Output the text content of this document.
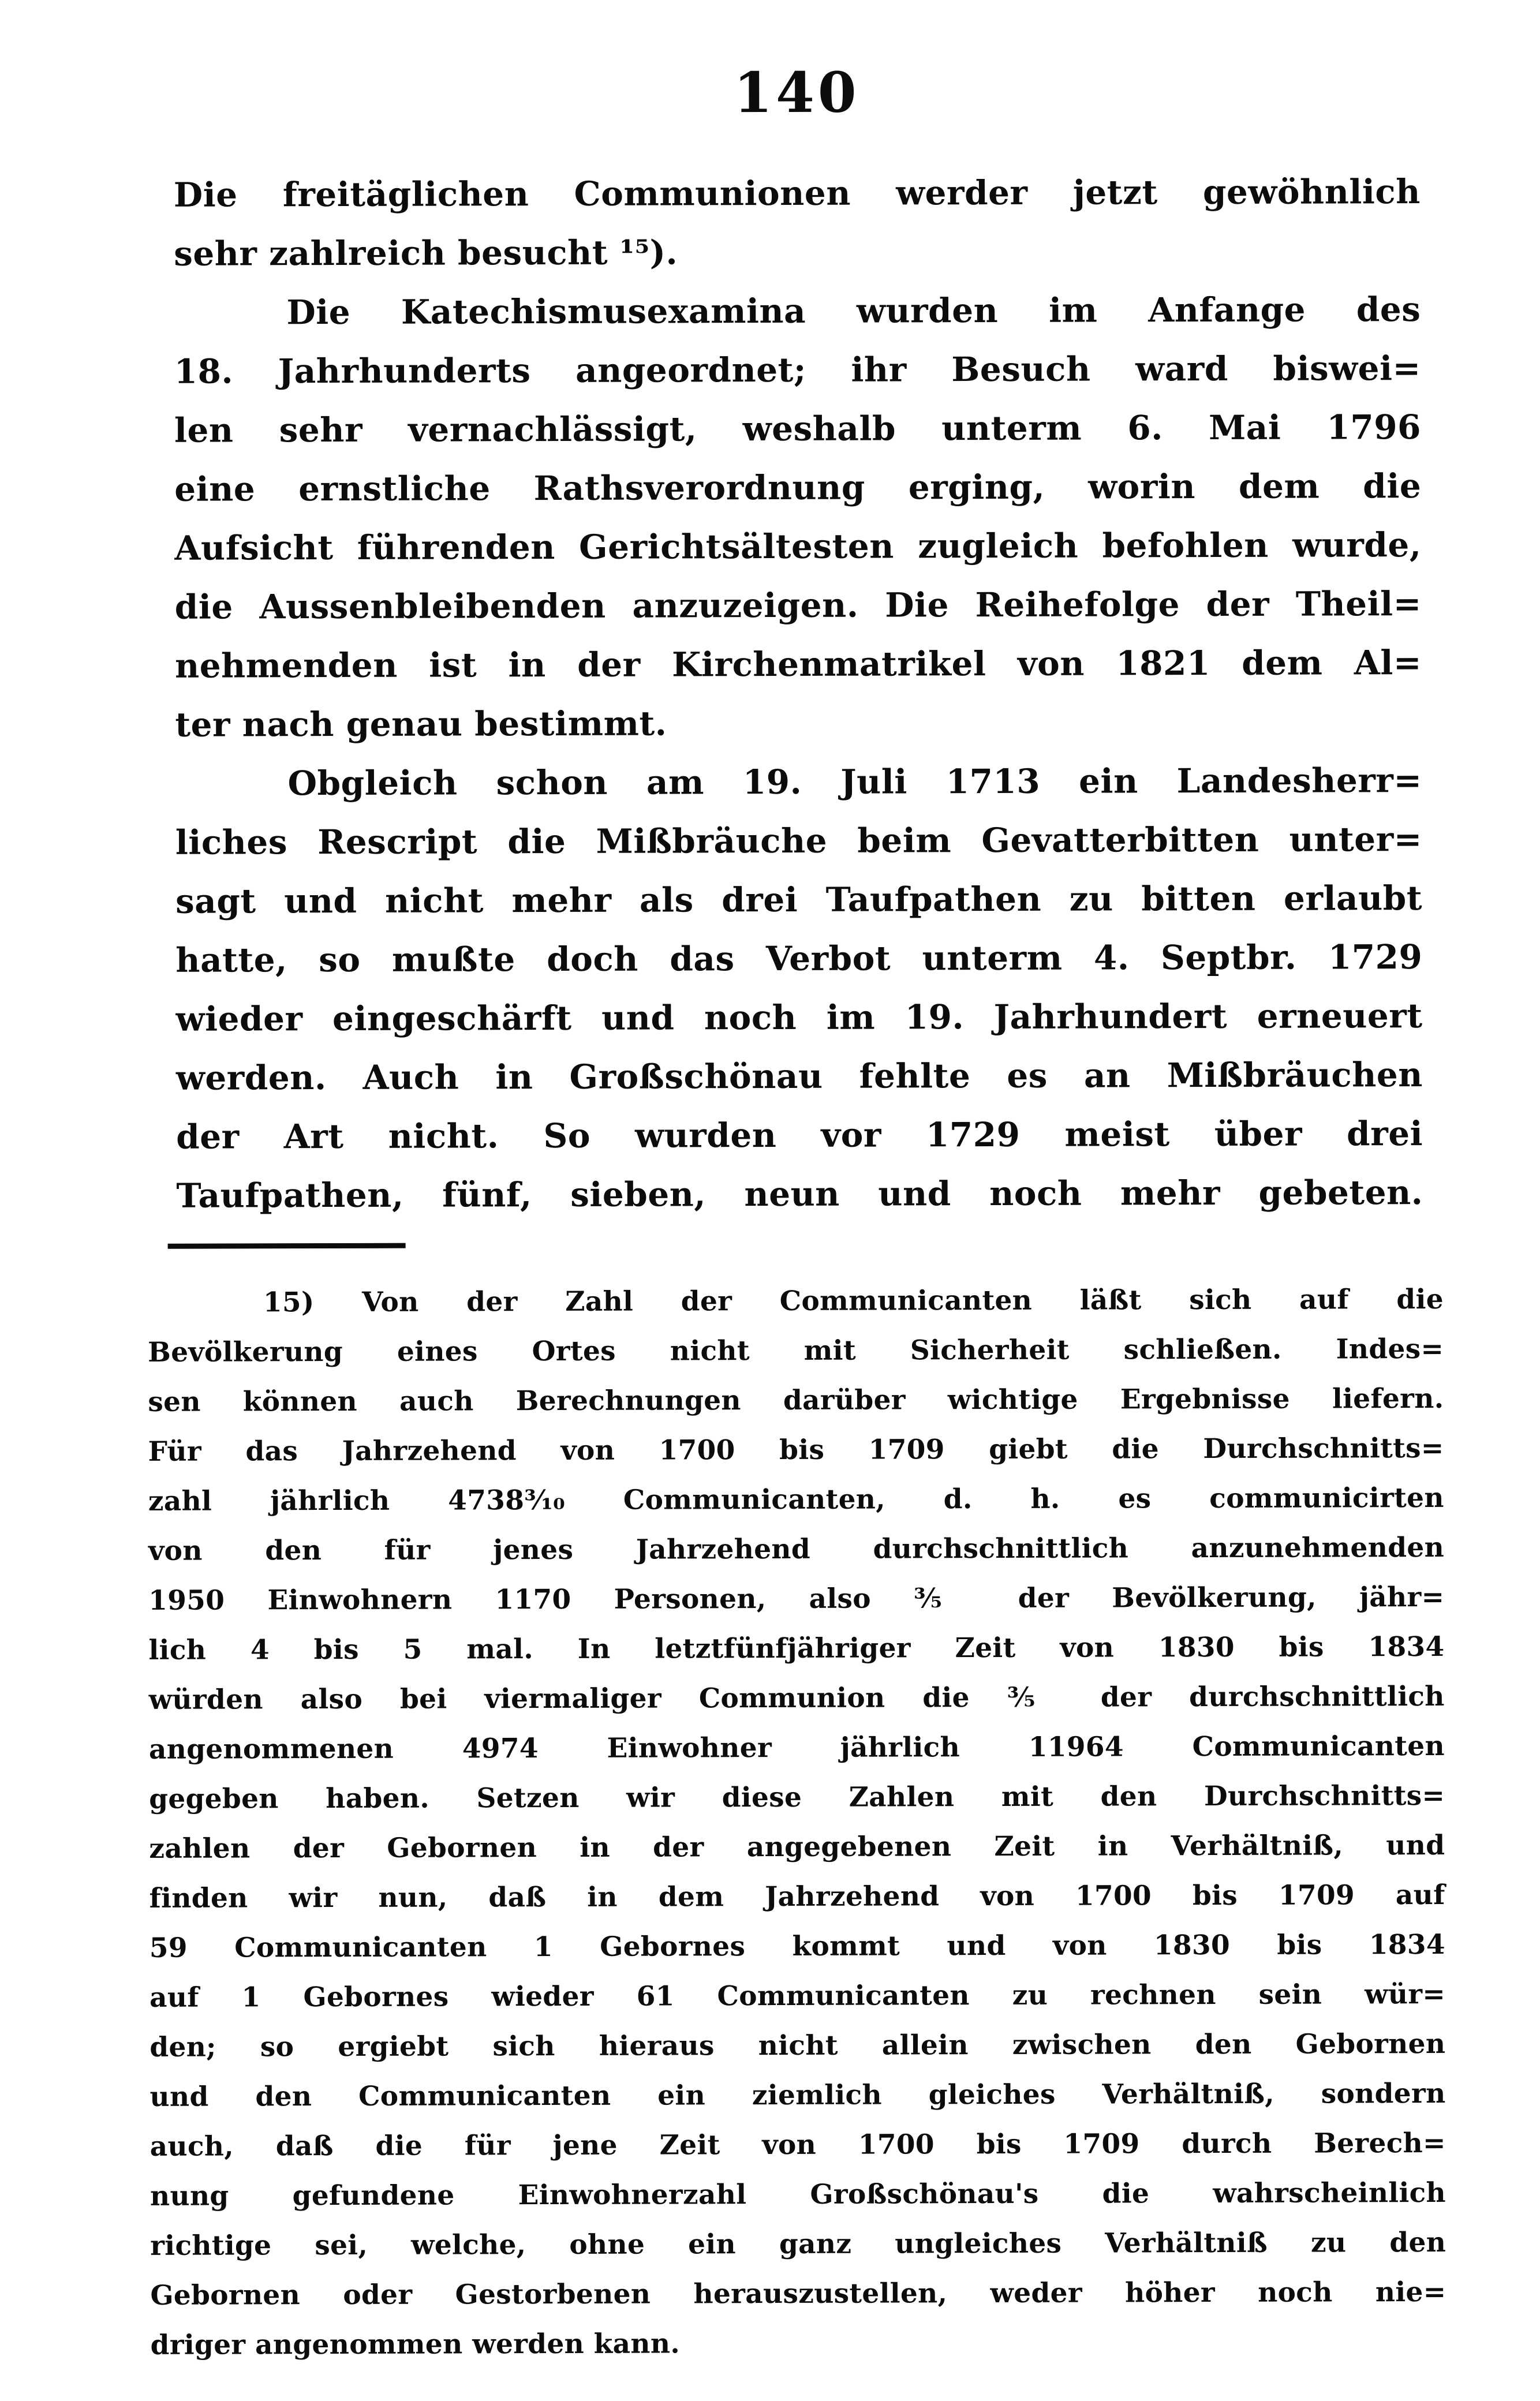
140
Die freitäglichen Communionen werder jetzt gewöhnlich
sehr zahlreich besucht ¹⁵).
Die Katechismusexamina wurden im Anfange des
18. Jahrhunderts angeordnet; ihr Besuch ward biswei=
len sehr vernachlässigt, weshalb unterm 6. Mai 1796
eine ernstliche Rathsverordnung erging, worin dem die
Aufsicht führenden Gerichtsältesten zugleich befohlen wurde,
die Aussenbleibenden anzuzeigen. Die Reihefolge der Theil=
nehmenden ist in der Kirchenmatrikel von 1821 dem Al=
ter nach genau bestimmt.
Obgleich schon am 19. Juli 1713 ein Landesherr=
liches Rescript die Mißbräuche beim Gevatterbitten unter=
sagt und nicht mehr als drei Taufpathen zu bitten erlaubt
hatte, so mußte doch das Verbot unterm 4. Septbr. 1729
wieder eingeschärft und noch im 19. Jahrhundert erneuert
werden. Auch in Großschönau fehlte es an Mißbräuchen
der Art nicht. So wurden vor 1729 meist über drei
Taufpathen, fünf, sieben, neun und noch mehr gebeten.
15) Von der Zahl der Communicanten läßt sich auf die
Bevölkerung eines Ortes nicht mit Sicherheit schließen. Indes=
sen können auch Berechnungen darüber wichtige Ergebnisse liefern.
Für das Jahrzehend von 1700 bis 1709 giebt die Durchschnitts=
zahl jährlich 4738³⁄₁₀ Communicanten, d. h. es communicirten
von den für jenes Jahrzehend durchschnittlich anzunehmenden
1950 Einwohnern 1170 Personen, also ⅗ der Bevölkerung, jähr=
lich 4 bis 5 mal. In letztfünfjähriger Zeit von 1830 bis 1834
würden also bei viermaliger Communion die ⅗ der durchschnittlich
angenommenen 4974 Einwohner jährlich 11964 Communicanten
gegeben haben. Setzen wir diese Zahlen mit den Durchschnitts=
zahlen der Gebornen in der angegebenen Zeit in Verhältniß, und
finden wir nun, daß in dem Jahrzehend von 1700 bis 1709 auf
59 Communicanten 1 Gebornes kommt und von 1830 bis 1834
auf 1 Gebornes wieder 61 Communicanten zu rechnen sein wür=
den; so ergiebt sich hieraus nicht allein zwischen den Gebornen
und den Communicanten ein ziemlich gleiches Verhältniß, sondern
auch, daß die für jene Zeit von 1700 bis 1709 durch Berech=
nung gefundene Einwohnerzahl Großschönau's die wahrscheinlich
richtige sei, welche, ohne ein ganz ungleiches Verhältniß zu den
Gebornen oder Gestorbenen herauszustellen, weder höher noch nie=
driger angenommen werden kann.
